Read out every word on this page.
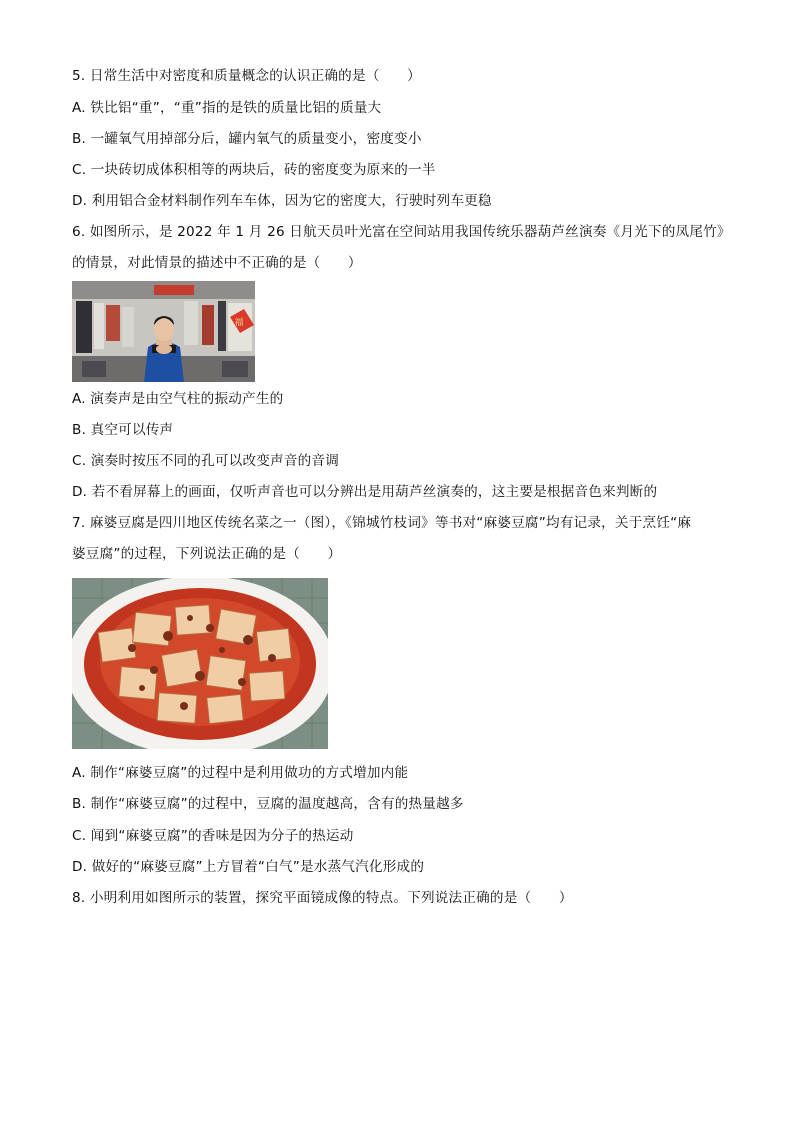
5. 日常生活中对密度和质量概念的认识正确的是（　　）
A. 铁比铝“重”，“重”指的是铁的质量比铝的质量大
B. 一罐氧气用掉部分后，罐内氧气的质量变小，密度变小
C. 一块砖切成体积相等的两块后，砖的密度变为原来的一半
D. 利用铝合金材料制作列车车体，因为它的密度大，行驶时列车更稳
6. 如图所示，是 2022 年 1 月 26 日航天员叶光富在空间站用我国传统乐器葫芦丝演奏《月光下的凤尾竹》
的情景，对此情景的描述中不正确的是（　　）
福
A. 演奏声是由空气柱的振动产生的
B. 真空可以传声
C. 演奏时按压不同的孔可以改变声音的音调
D. 若不看屏幕上的画面，仅听声音也可以分辨出是用葫芦丝演奏的，这主要是根据音色来判断的
7. 麻婆豆腐是四川地区传统名菜之一（图），《锦城竹枝词》等书对“麻婆豆腐”均有记录，关于烹饪“麻
婆豆腐”的过程，下列说法正确的是（　　）
A. 制作“麻婆豆腐”的过程中是利用做功的方式增加内能
B. 制作“麻婆豆腐”的过程中，豆腐的温度越高，含有的热量越多
C. 闻到“麻婆豆腐”的香味是因为分子的热运动
D. 做好的“麻婆豆腐”上方冒着“白气”是水蒸气汽化形成的
8. 小明利用如图所示的装置，探究平面镜成像的特点。下列说法正确的是（　　）
